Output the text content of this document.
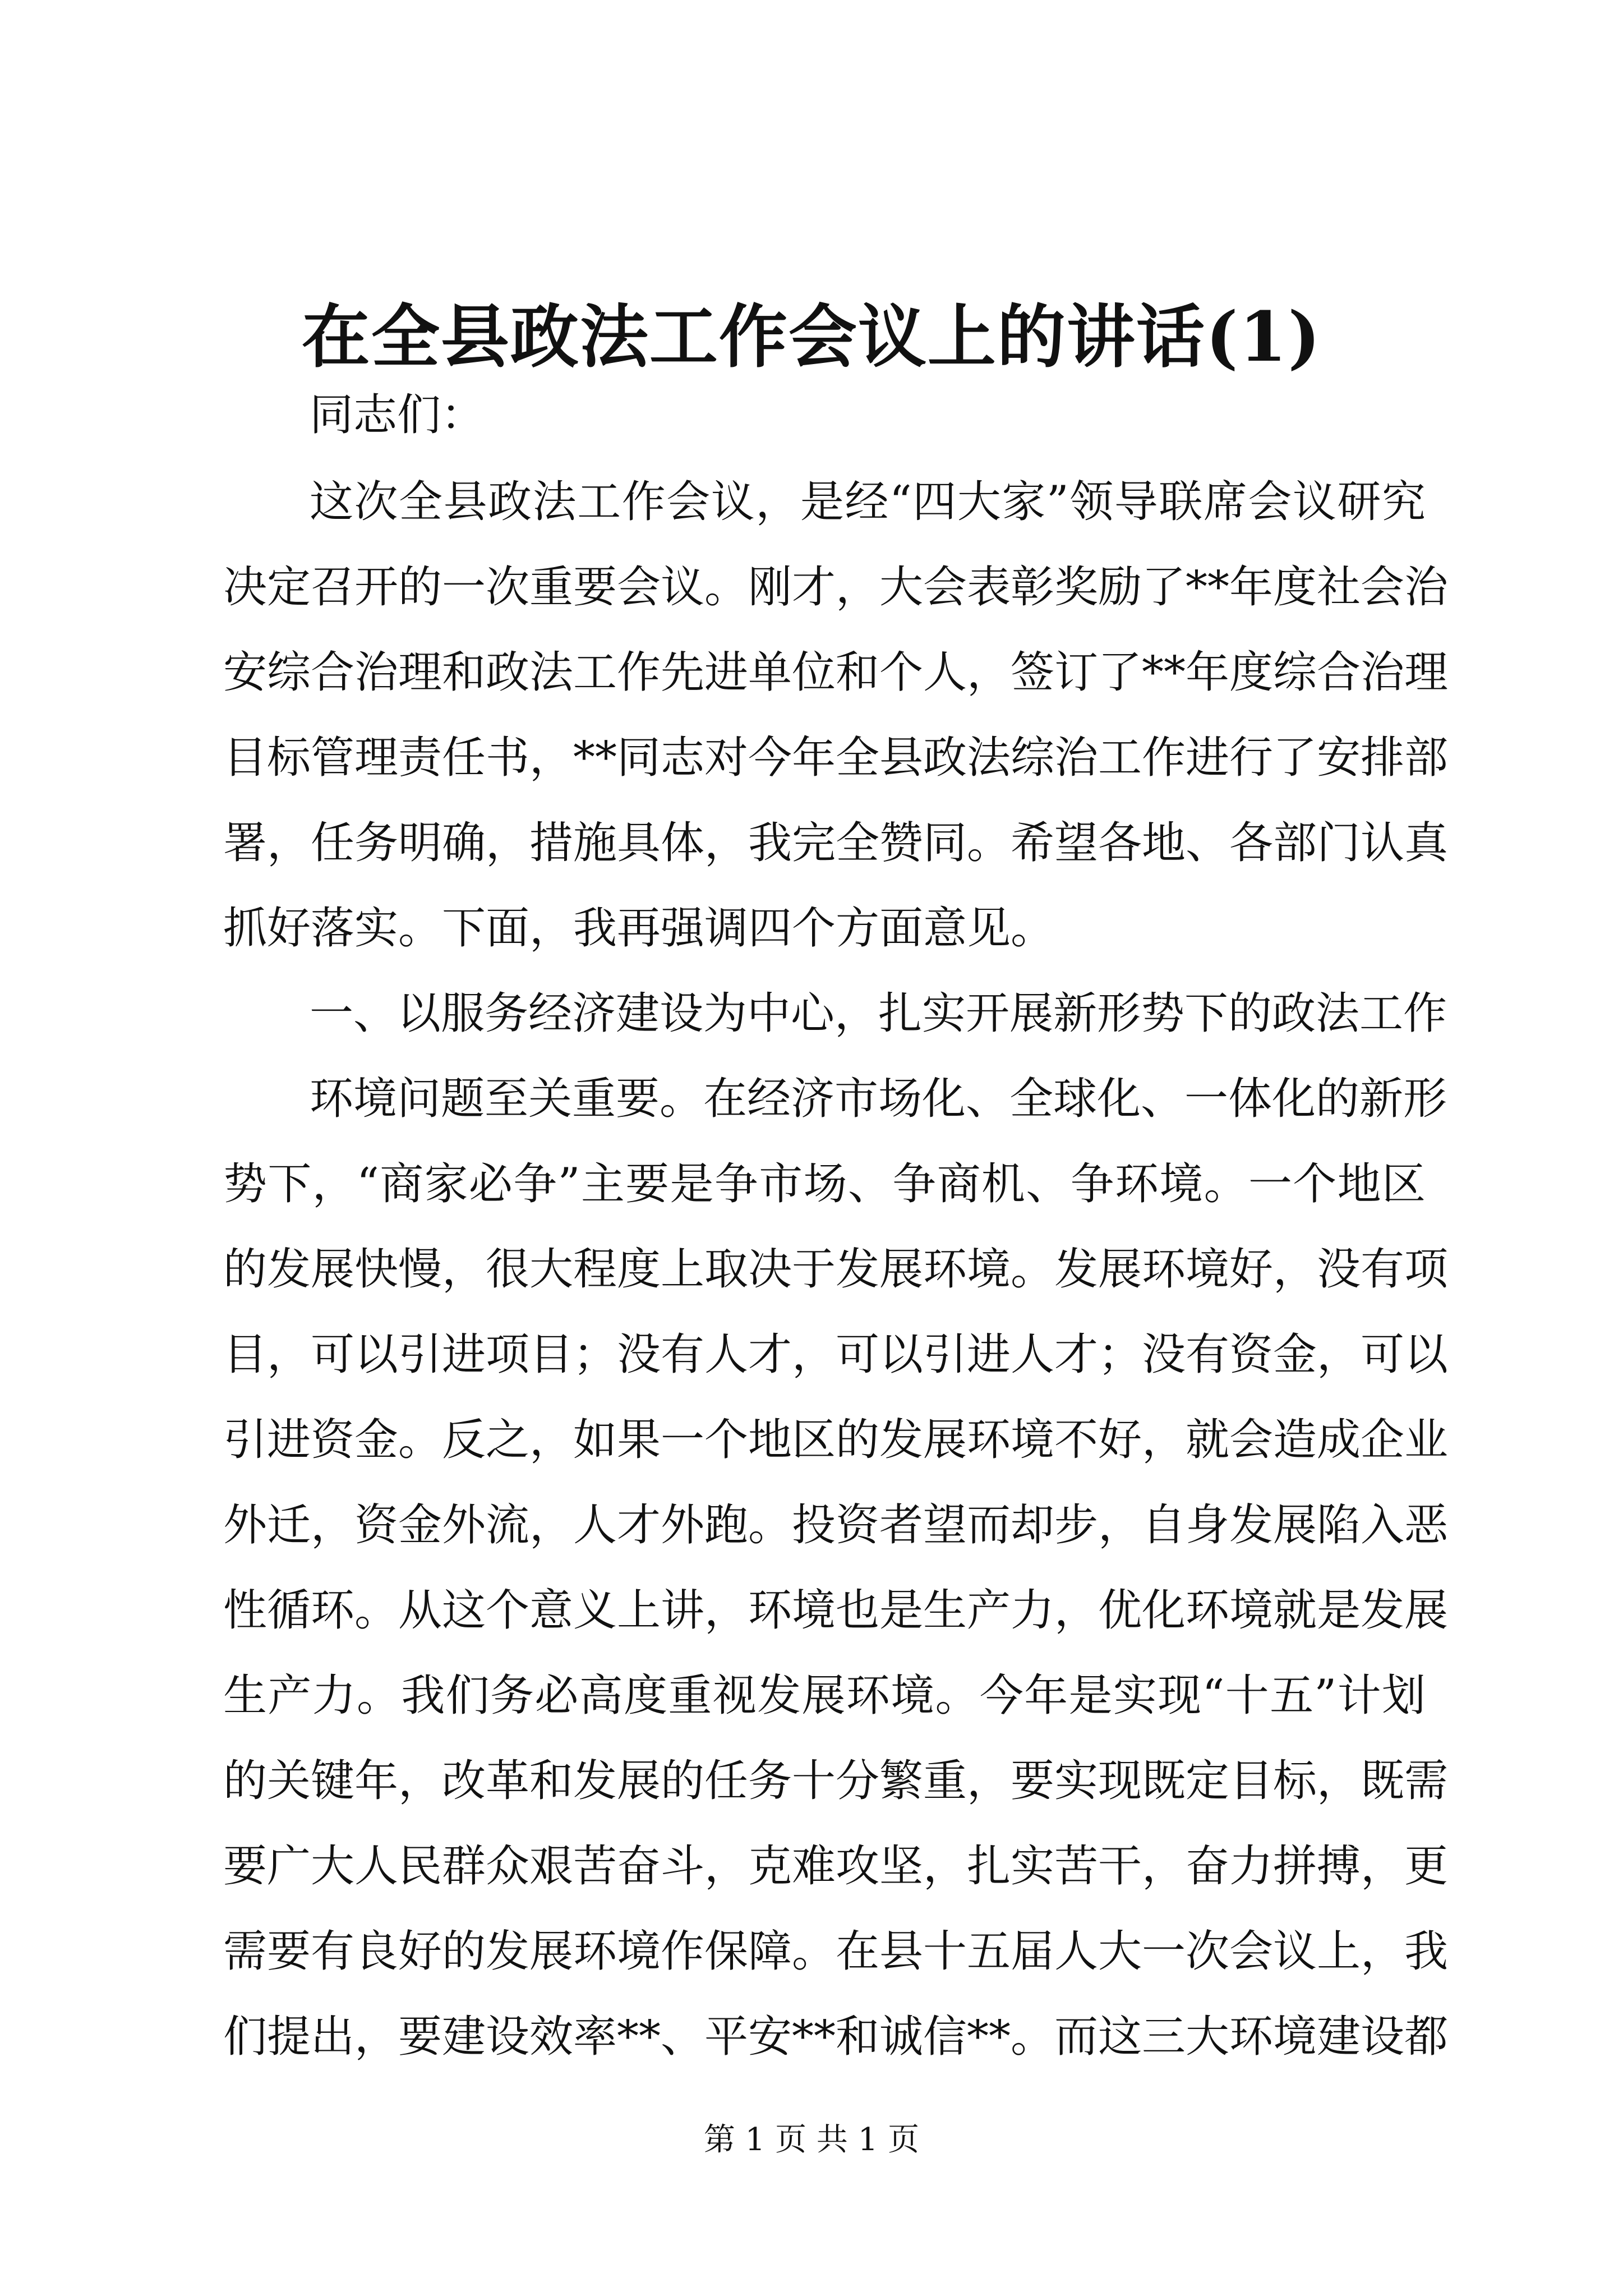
在全县政法工作会议上的讲话(1)
同志们：
这次全县政法工作会议，是经“四大家”领导联席会议研究
决定召开的一次重要会议。刚才，大会表彰奖励了**年度社会治
安综合治理和政法工作先进单位和个人，签订了**年度综合治理
目标管理责任书，**同志对今年全县政法综治工作进行了安排部
署，任务明确，措施具体，我完全赞同。希望各地、各部门认真
抓好落实。下面，我再强调四个方面意见。
一、以服务经济建设为中心，扎实开展新形势下的政法工作
环境问题至关重要。在经济市场化、全球化、一体化的新形
势下，“商家必争”主要是争市场、争商机、争环境。一个地区
的发展快慢，很大程度上取决于发展环境。发展环境好，没有项
目，可以引进项目；没有人才，可以引进人才；没有资金，可以
引进资金。反之，如果一个地区的发展环境不好，就会造成企业
外迁，资金外流，人才外跑。投资者望而却步，自身发展陷入恶
性循环。从这个意义上讲，环境也是生产力，优化环境就是发展
生产力。我们务必高度重视发展环境。今年是实现“十五”计划
的关键年，改革和发展的任务十分繁重，要实现既定目标，既需
要广大人民群众艰苦奋斗，克难攻坚，扎实苦干，奋力拼搏，更
需要有良好的发展环境作保障。在县十五届人大一次会议上，我
们提出，要建设效率**、平安**和诚信**。而这三大环境建设都
第 1 页 共 1 页
